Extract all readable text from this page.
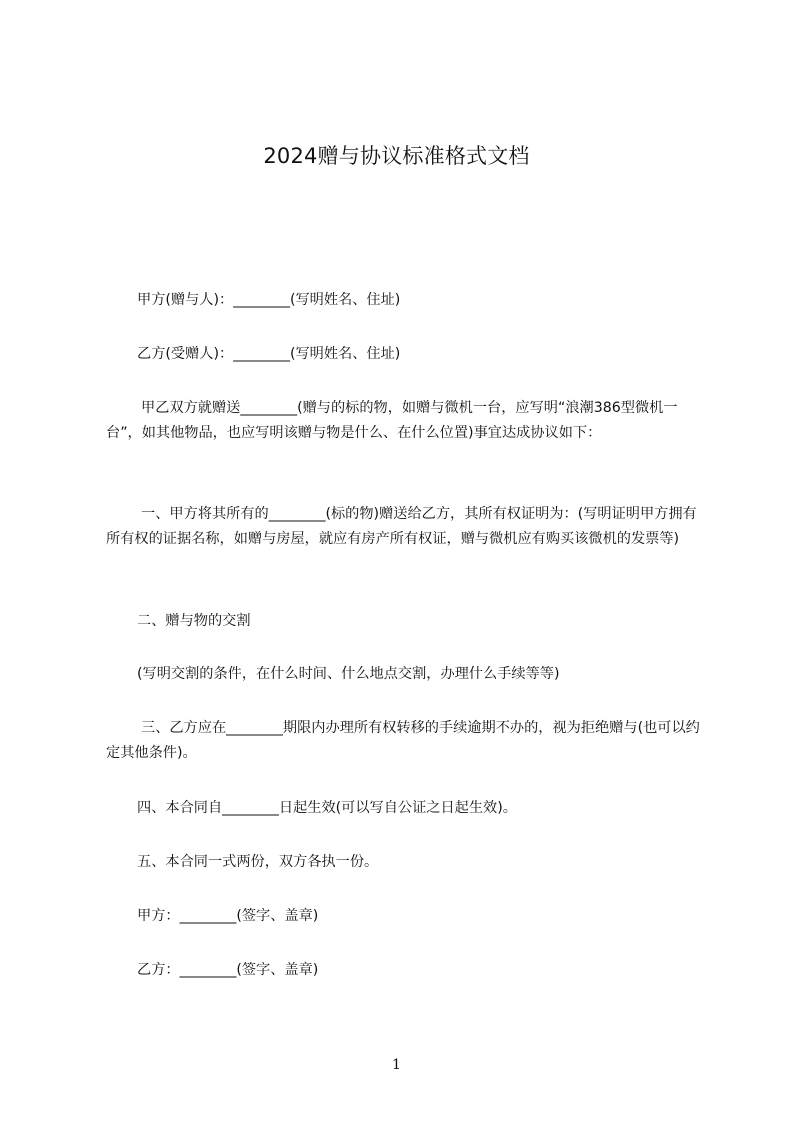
2024赠与协议标准格式文档

甲方(赠与人)：________(写明姓名、住址)

乙方(受赠人)：________(写明姓名、住址)

甲乙双方就赠送________(赠与的标的物，如赠与微机一台，应写明“浪潮386型微机一台”，如其他物品，也应写明该赠与物是什么、在什么位置)事宜达成协议如下：

一、甲方将其所有的________(标的物)赠送给乙方，其所有权证明为：(写明证明甲方拥有所有权的证据名称，如赠与房屋，就应有房产所有权证，赠与微机应有购买该微机的发票等)

二、赠与物的交割

(写明交割的条件，在什么时间、什么地点交割，办理什么手续等等)

三、乙方应在________期限内办理所有权转移的手续逾期不办的，视为拒绝赠与(也可以约定其他条件)。

四、本合同自________日起生效(可以写自公证之日起生效)。

五、本合同一式两份，双方各执一份。

甲方：________(签字、盖章)

乙方：________(签字、盖章)

1
